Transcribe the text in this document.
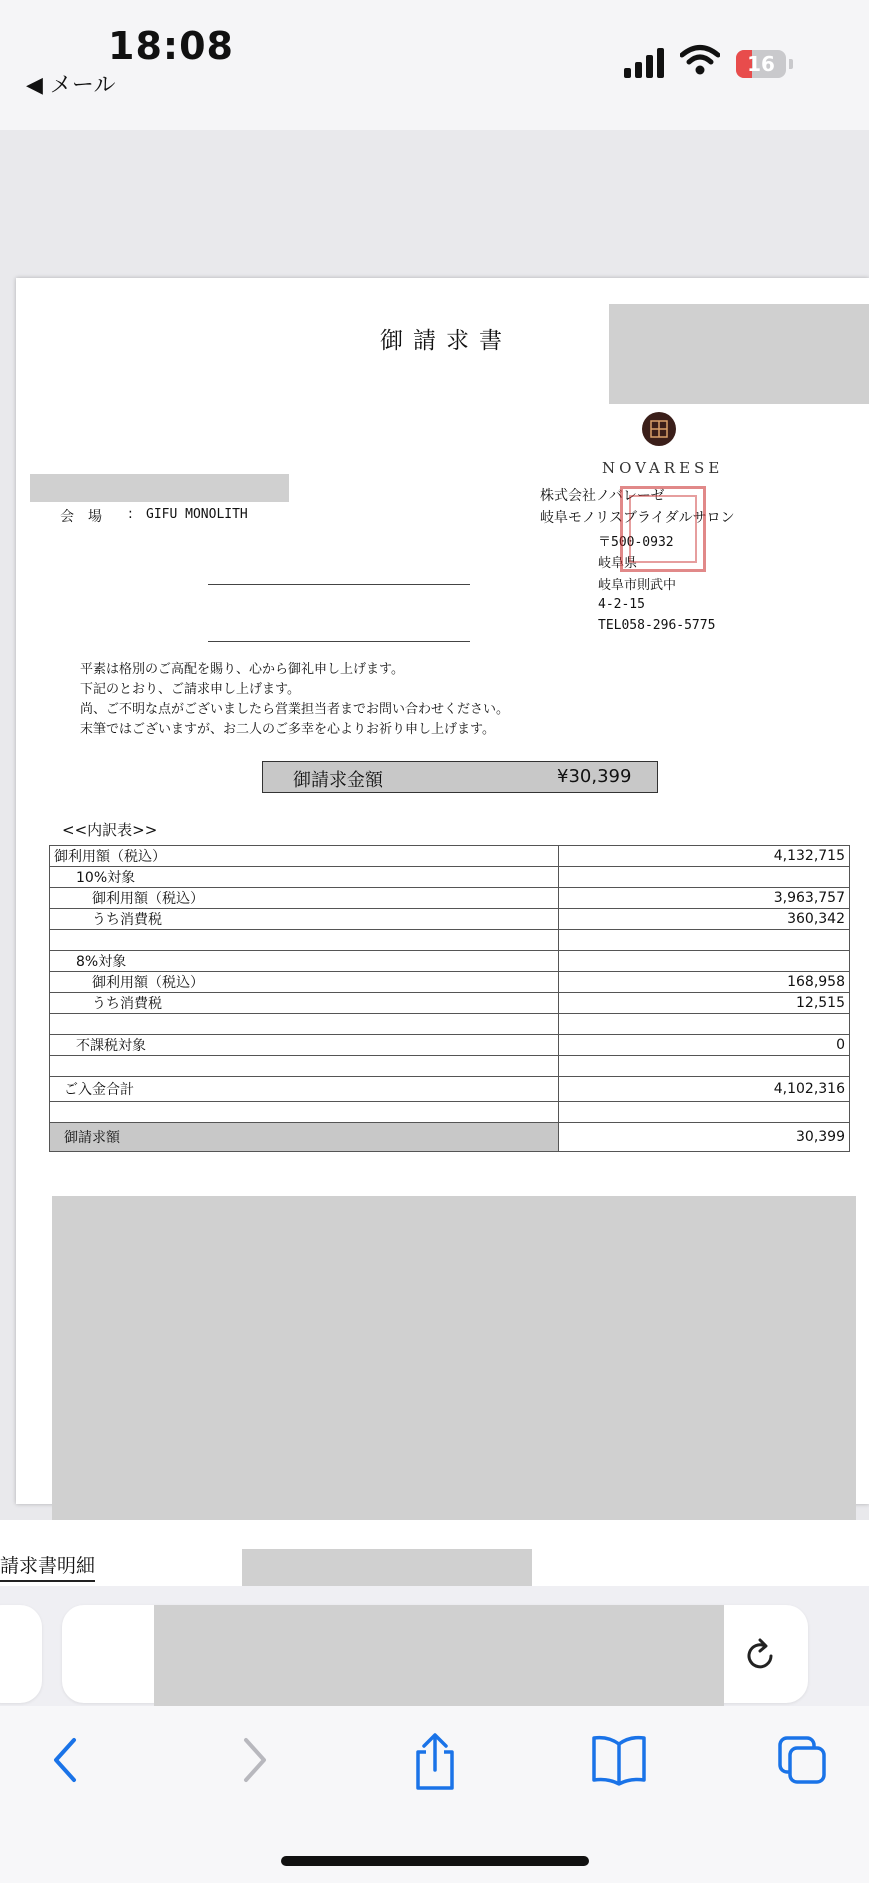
18:08
◀ メール
16
御請求書
NOVARESE
会　場 : GIFU MONOLITH
株式会社ノバレーゼ
岐阜モノリスブライダルサロン
〒500-0932
岐阜県
岐阜市則武中
4-2-15
TEL058-296-5775
平素は格別のご高配を賜り、心から御礼申し上げます。
下記のとおり、ご請求申し上げます。
尚、ご不明な点がございましたら営業担当者までお問い合わせください。
末筆ではございますが、お二人のご多幸を心よりお祈り申し上げます。
御請求金額	¥30,399
<<内訳表>>
御利用額（税込）	4,132,715
10%対象	
御利用額（税込）	3,963,757
うち消費税	360,342

8%対象	
御利用額（税込）	168,958
うち消費税	12,515

不課税対象	0

ご入金合計	4,102,316

御請求額	30,399
請求書明細
